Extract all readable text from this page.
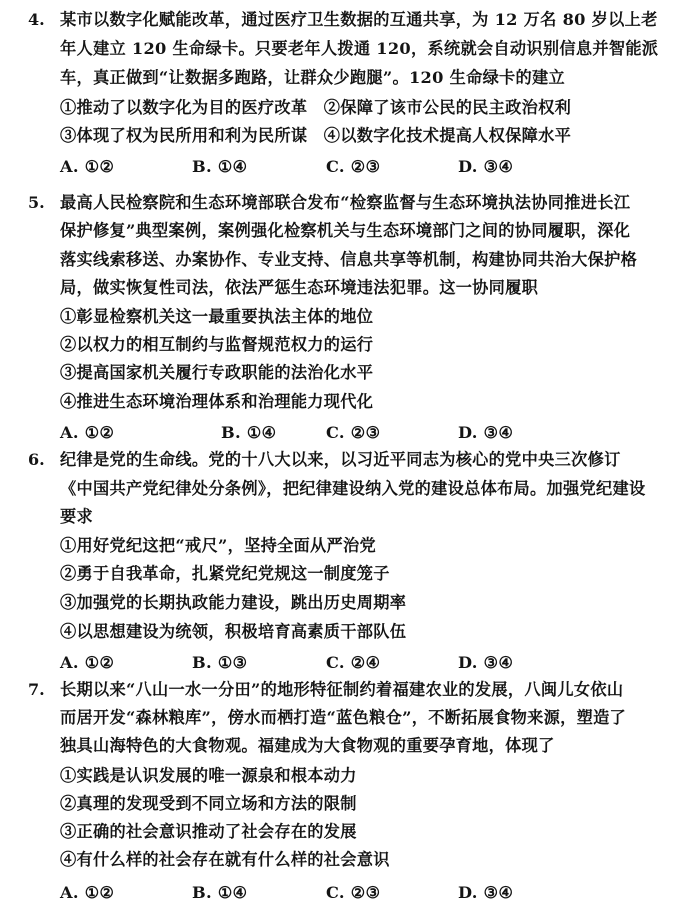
4. 某市以数字化赋能改革，通过医疗卫生数据的互通共享，为 12 万名 80 岁以上老
年人建立 120 生命绿卡。只要老年人拨通 120，系统就会自动识别信息并智能派
车，真正做到“让数据多跑路，让群众少跑腿”。120 生命绿卡的建立
①推动了以数字化为目的医疗改革　②保障了该市公民的民主政治权利
③体现了权为民所用和利为民所谋　④以数字化技术提高人权保障水平
A. ①②	B. ①④	C. ②③	D. ③④
5. 最高人民检察院和生态环境部联合发布“检察监督与生态环境执法协同推进长江
保护修复”典型案例，案例强化检察机关与生态环境部门之间的协同履职，深化
落实线索移送、办案协作、专业支持、信息共享等机制，构建协同共治大保护格
局，做实恢复性司法，依法严惩生态环境违法犯罪。这一协同履职
①彰显检察机关这一最重要执法主体的地位
②以权力的相互制约与监督规范权力的运行
③提高国家机关履行专政职能的法治化水平
④推进生态环境治理体系和治理能力现代化
A. ①②	B. ①④	C. ②③	D. ③④
6. 纪律是党的生命线。党的十八大以来，以习近平同志为核心的党中央三次修订
《中国共产党纪律处分条例》，把纪律建设纳入党的建设总体布局。加强党纪建设
要求
①用好党纪这把“戒尺”，坚持全面从严治党
②勇于自我革命，扎紧党纪党规这一制度笼子
③加强党的长期执政能力建设，跳出历史周期率
④以思想建设为统领，积极培育高素质干部队伍
A. ①②	B. ①③	C. ②④	D. ③④
7. 长期以来“八山一水一分田”的地形特征制约着福建农业的发展，八闽儿女依山
而居开发“森林粮库”，傍水而栖打造“蓝色粮仓”，不断拓展食物来源，塑造了
独具山海特色的大食物观。福建成为大食物观的重要孕育地，体现了
①实践是认识发展的唯一源泉和根本动力
②真理的发现受到不同立场和方法的限制
③正确的社会意识推动了社会存在的发展
④有什么样的社会存在就有什么样的社会意识
A. ①②	B. ①④	C. ②③	D. ③④
